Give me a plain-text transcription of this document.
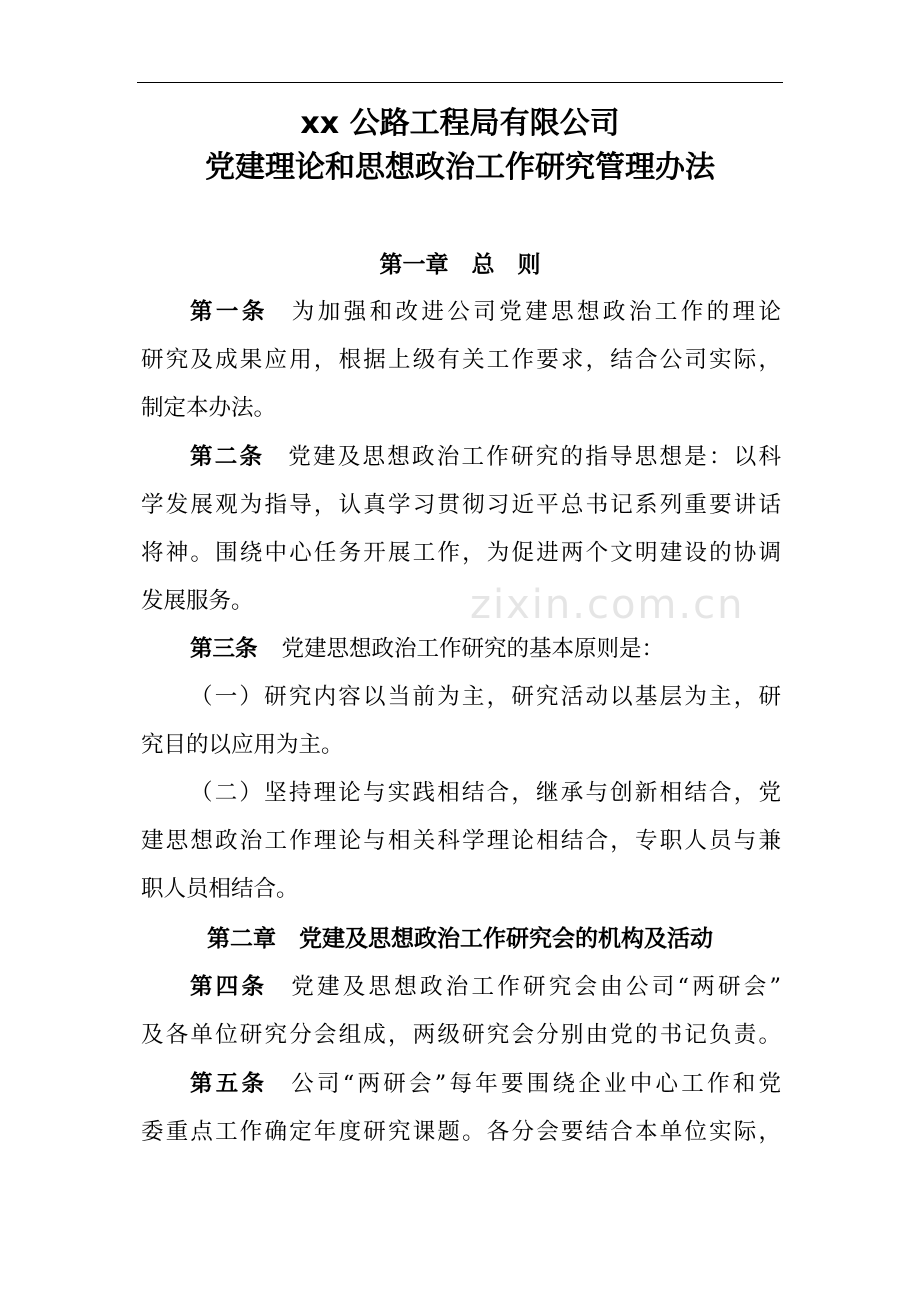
xx 公路工程局有限公司
党建理论和思想政治工作研究管理办法
第一章　总　则
第一条 为加强和改进公司党建思想政治工作的理论
研究及成果应用，根据上级有关工作要求，结合公司实际，
制定本办法。
第二条 党建及思想政治工作研究的指导思想是：以科
学发展观为指导，认真学习贯彻习近平总书记系列重要讲话
将神。围绕中心任务开展工作，为促进两个文明建设的协调
发展服务。
第三条 党建思想政治工作研究的基本原则是：
（一）研究内容以当前为主，研究活动以基层为主，研
究目的以应用为主。
（二）坚持理论与实践相结合，继承与创新相结合，党
建思想政治工作理论与相关科学理论相结合，专职人员与兼
职人员相结合。
第二章　党建及思想政治工作研究会的机构及活动
第四条 党建及思想政治工作研究会由公司“两研会”
及各单位研究分会组成，两级研究会分别由党的书记负责。
第五条 公司“两研会”每年要围绕企业中心工作和党
委重点工作确定年度研究课题。各分会要结合本单位实际，
zixin.com.cn
